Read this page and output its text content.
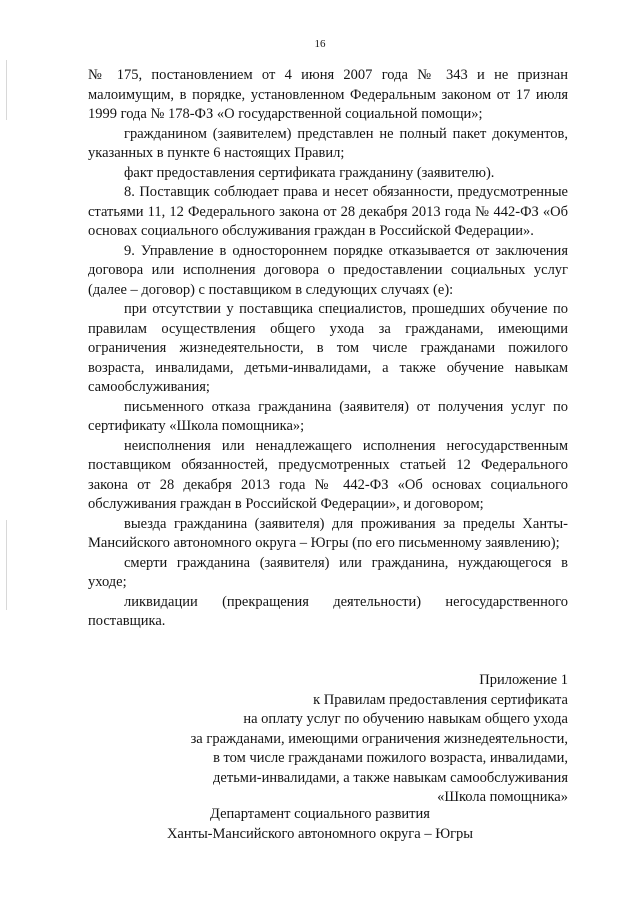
16

№ 175, постановлением от 4 июня 2007 года № 343 и не признан малоимущим, в порядке, установленном Федеральным законом от 17 июля 1999 года № 178-ФЗ «О государственной социальной помощи»;

гражданином (заявителем) представлен не полный пакет документов, указанных в пункте 6 настоящих Правил;

факт предоставления сертификата гражданину (заявителю).

8. Поставщик соблюдает права и несет обязанности, предусмотренные статьями 11, 12 Федерального закона от 28 декабря 2013 года № 442-ФЗ «Об основах социального обслуживания граждан в Российской Федерации».

9. Управление в одностороннем порядке отказывается от заключения договора или исполнения договора о предоставлении социальных услуг (далее – договор) с поставщиком в следующих случаях (е):

при отсутствии у поставщика специалистов, прошедших обучение по правилам осуществления общего ухода за гражданами, имеющими ограничения жизнедеятельности, в том числе гражданами пожилого возраста, инвалидами, детьми-инвалидами, а также обучение навыкам самообслуживания;

письменного отказа гражданина (заявителя) от получения услуг по сертификату «Школа помощника»;

неисполнения или ненадлежащего исполнения негосударственным поставщиком обязанностей, предусмотренных статьей 12 Федерального закона от 28 декабря 2013 года № 442-ФЗ «Об основах социального обслуживания граждан в Российской Федерации», и договором;

выезда гражданина (заявителя) для проживания за пределы Ханты-Мансийского автономного округа – Югры (по его письменному заявлению);

смерти гражданина (заявителя) или гражданина, нуждающегося в уходе;

ликвидации (прекращения деятельности) негосударственного поставщика.

Приложение 1
к Правилам предоставления сертификата
на оплату услуг по обучению навыкам общего ухода
за гражданами, имеющими ограничения жизнедеятельности,
в том числе гражданами пожилого возраста, инвалидами,
детьми-инвалидами, а также навыкам самообслуживания
«Школа помощника»
Департамент социального развития
Ханты-Мансийского автономного округа – Югры
